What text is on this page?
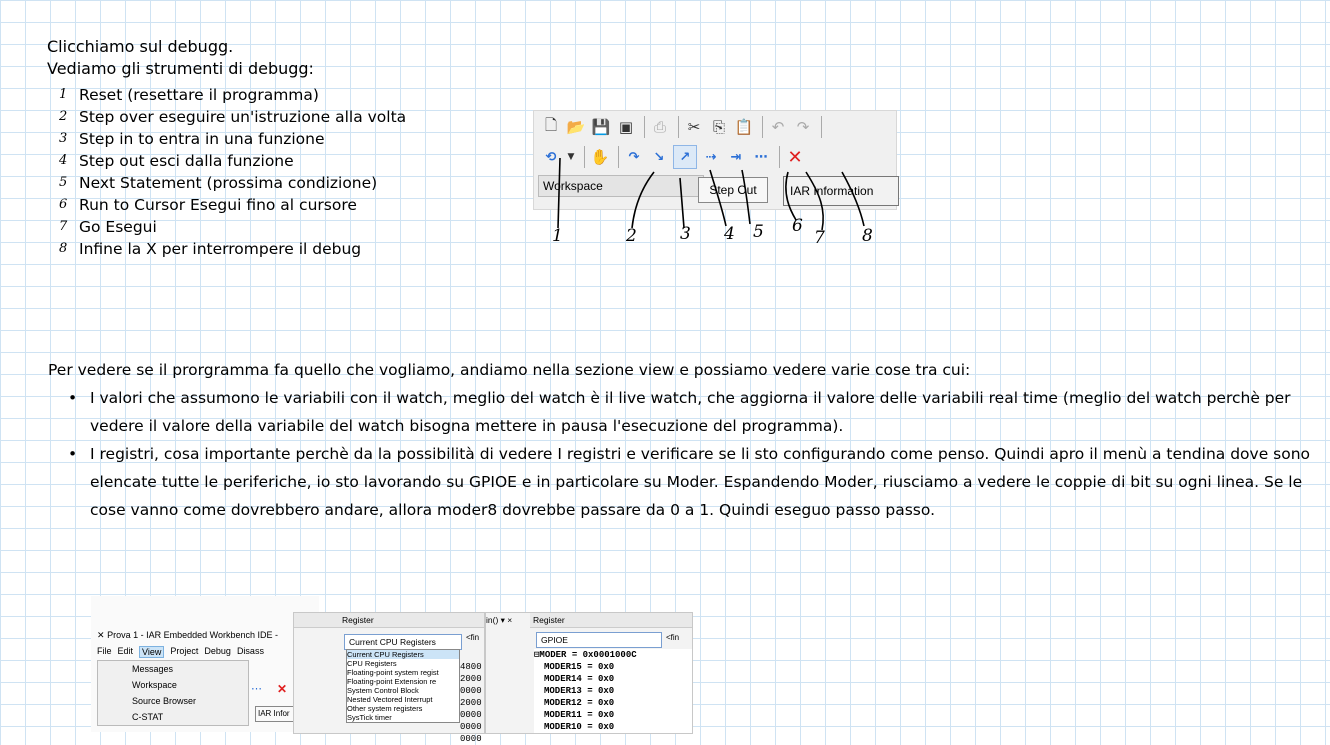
Clicchiamo sul debugg.
Vediamo gli strumenti di debugg:
1 Reset (resettare il programma)
2 Step over eseguire un'istruzione alla volta
3 Step in to entra in una funzione
4 Step out esci dalla funzione
5 Next Statement (prossima condizione)
6 Run to Cursor Esegui fino al cursore
7 Go Esegui
8 Infine la X per interrompere il debug
🗋 📂 💾 ▣	⎙	✂ ⎘ 📋	↶ ↷
⟲	▼ ✋	↷	↘	↗	⇢	⇥	⋯ ✕
Workspace	Step Out	IAR Information
1	2	3 4 5 6
7 8
Per vedere se il prorgramma fa quello che vogliamo, andiamo nella sezione view e possiamo vedere varie cose tra cui:
• I valori che assumono le variabili con il watch, meglio del watch è il live watch, che aggiorna il valore delle variabili real time (meglio del watch perchè per vedere il valore della variabile del watch bisogna mettere in pausa l'esecuzione del programma).
• I registri, cosa importante perchè da la possibilità di vedere I registri e verificare se li sto configurando come penso. Quindi apro il menù a tendina dove sono elencate tutte le periferiche, io sto lavorando su GPIOE e in particolare su Moder. Espandendo Moder, riusciamo a vedere le coppie di bit su ogni linea. Se le cose vanno come dovrebbero andare, allora moder8 dovrebbe passare da 0 a 1. Quindi eseguo passo passo.
✕ Prova 1 - IAR Embedded Workbench IDE -
File Edit	View	Project Debug Disass
Messages
Workspace
Source Browser
C-STAT
⋯ ✕
IAR Infor
Register
Current CPU Registers	<fin
Current CPU Registers
CPU Registers
Floating-point system regist
Floating-point Extension re
System Control Block
Nested Vectored Interrupt
Other system registers
SysTick timer
4800
2000
0000
2000
0000
0000
0000
in() ▾ ×	Register
GPIOE	<fin
⊟MODER = 0x0001000C
MODER15 = 0x0
MODER14 = 0x0
MODER13 = 0x0
MODER12 = 0x0
MODER11 = 0x0
MODER10 = 0x0
